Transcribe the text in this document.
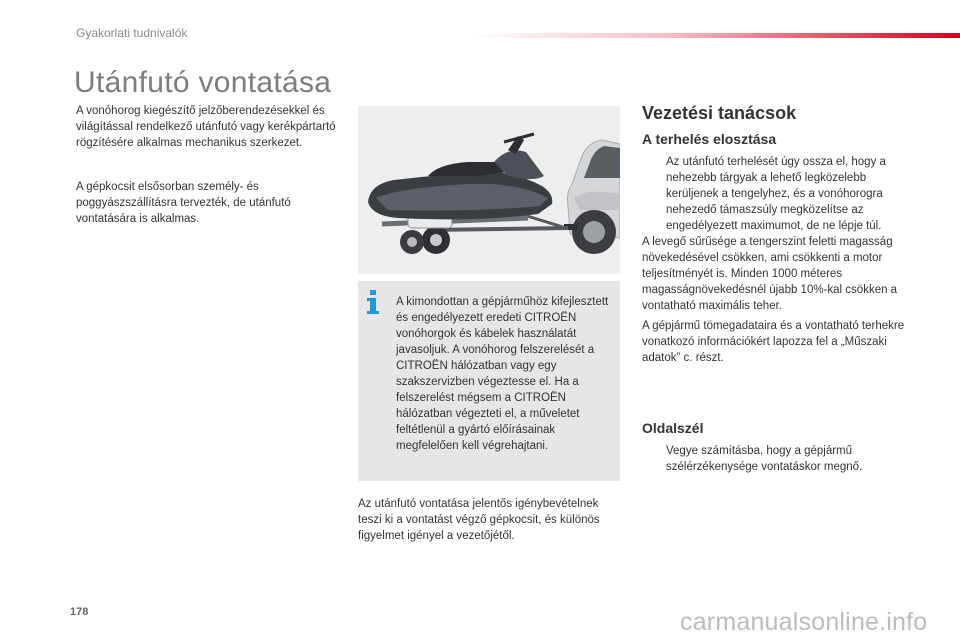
Gyakorlati tudnivalók
Utánfutó vontatása

A vonóhorog kiegészítő jelzőberendezésekkel és világítással rendelkező utánfutó vagy kerékpártartó rögzítésére alkalmas mechanikus szerkezet.

A gépkocsit elsősorban személy- és poggyászszállításra tervezték, de utánfutó vontatására is alkalmas.

A kimondottan a gépjárműhöz kifejlesztett és engedélyezett eredeti CITROËN vonóhorgok és kábelek használatát javasoljuk. A vonóhorog felszerelését a CITROËN hálózatban vagy egy szakszervizben végeztesse el. Ha a felszerelést mégsem a CITROËN hálózatban végezteti el, a műveletet feltétlenül a gyártó előírásainak megfelelően kell végrehajtani.

Az utánfutó vontatása jelentős igénybevételnek teszi ki a vontatást végző gépkocsit, és különös figyelmet igényel a vezetőjétől.

Vezetési tanácsok
A terhelés elosztása
Az utánfutó terhelését úgy ossza el, hogy a nehezebb tárgyak a lehető legközelebb kerüljenek a tengelyhez, és a vonóhorogra nehezedő támaszsúly megközelítse az engedélyezett maximumot, de ne lépje túl.

A levegő sűrűsége a tengerszint feletti magasság növekedésével csökken, ami csökkenti a motor teljesítményét is. Minden 1000 méteres magasságnövekedésnél újabb 10%-kal csökken a vontatható maximális teher.

A gépjármű tömegadataira és a vontatható terhekre vonatkozó információkért lapozza fel a „Műszaki adatok” c. részt.

Oldalszél
Vegye számításba, hogy a gépjármű szélérzékenysége vontatáskor megnő.
178	carmanualsonline.info
